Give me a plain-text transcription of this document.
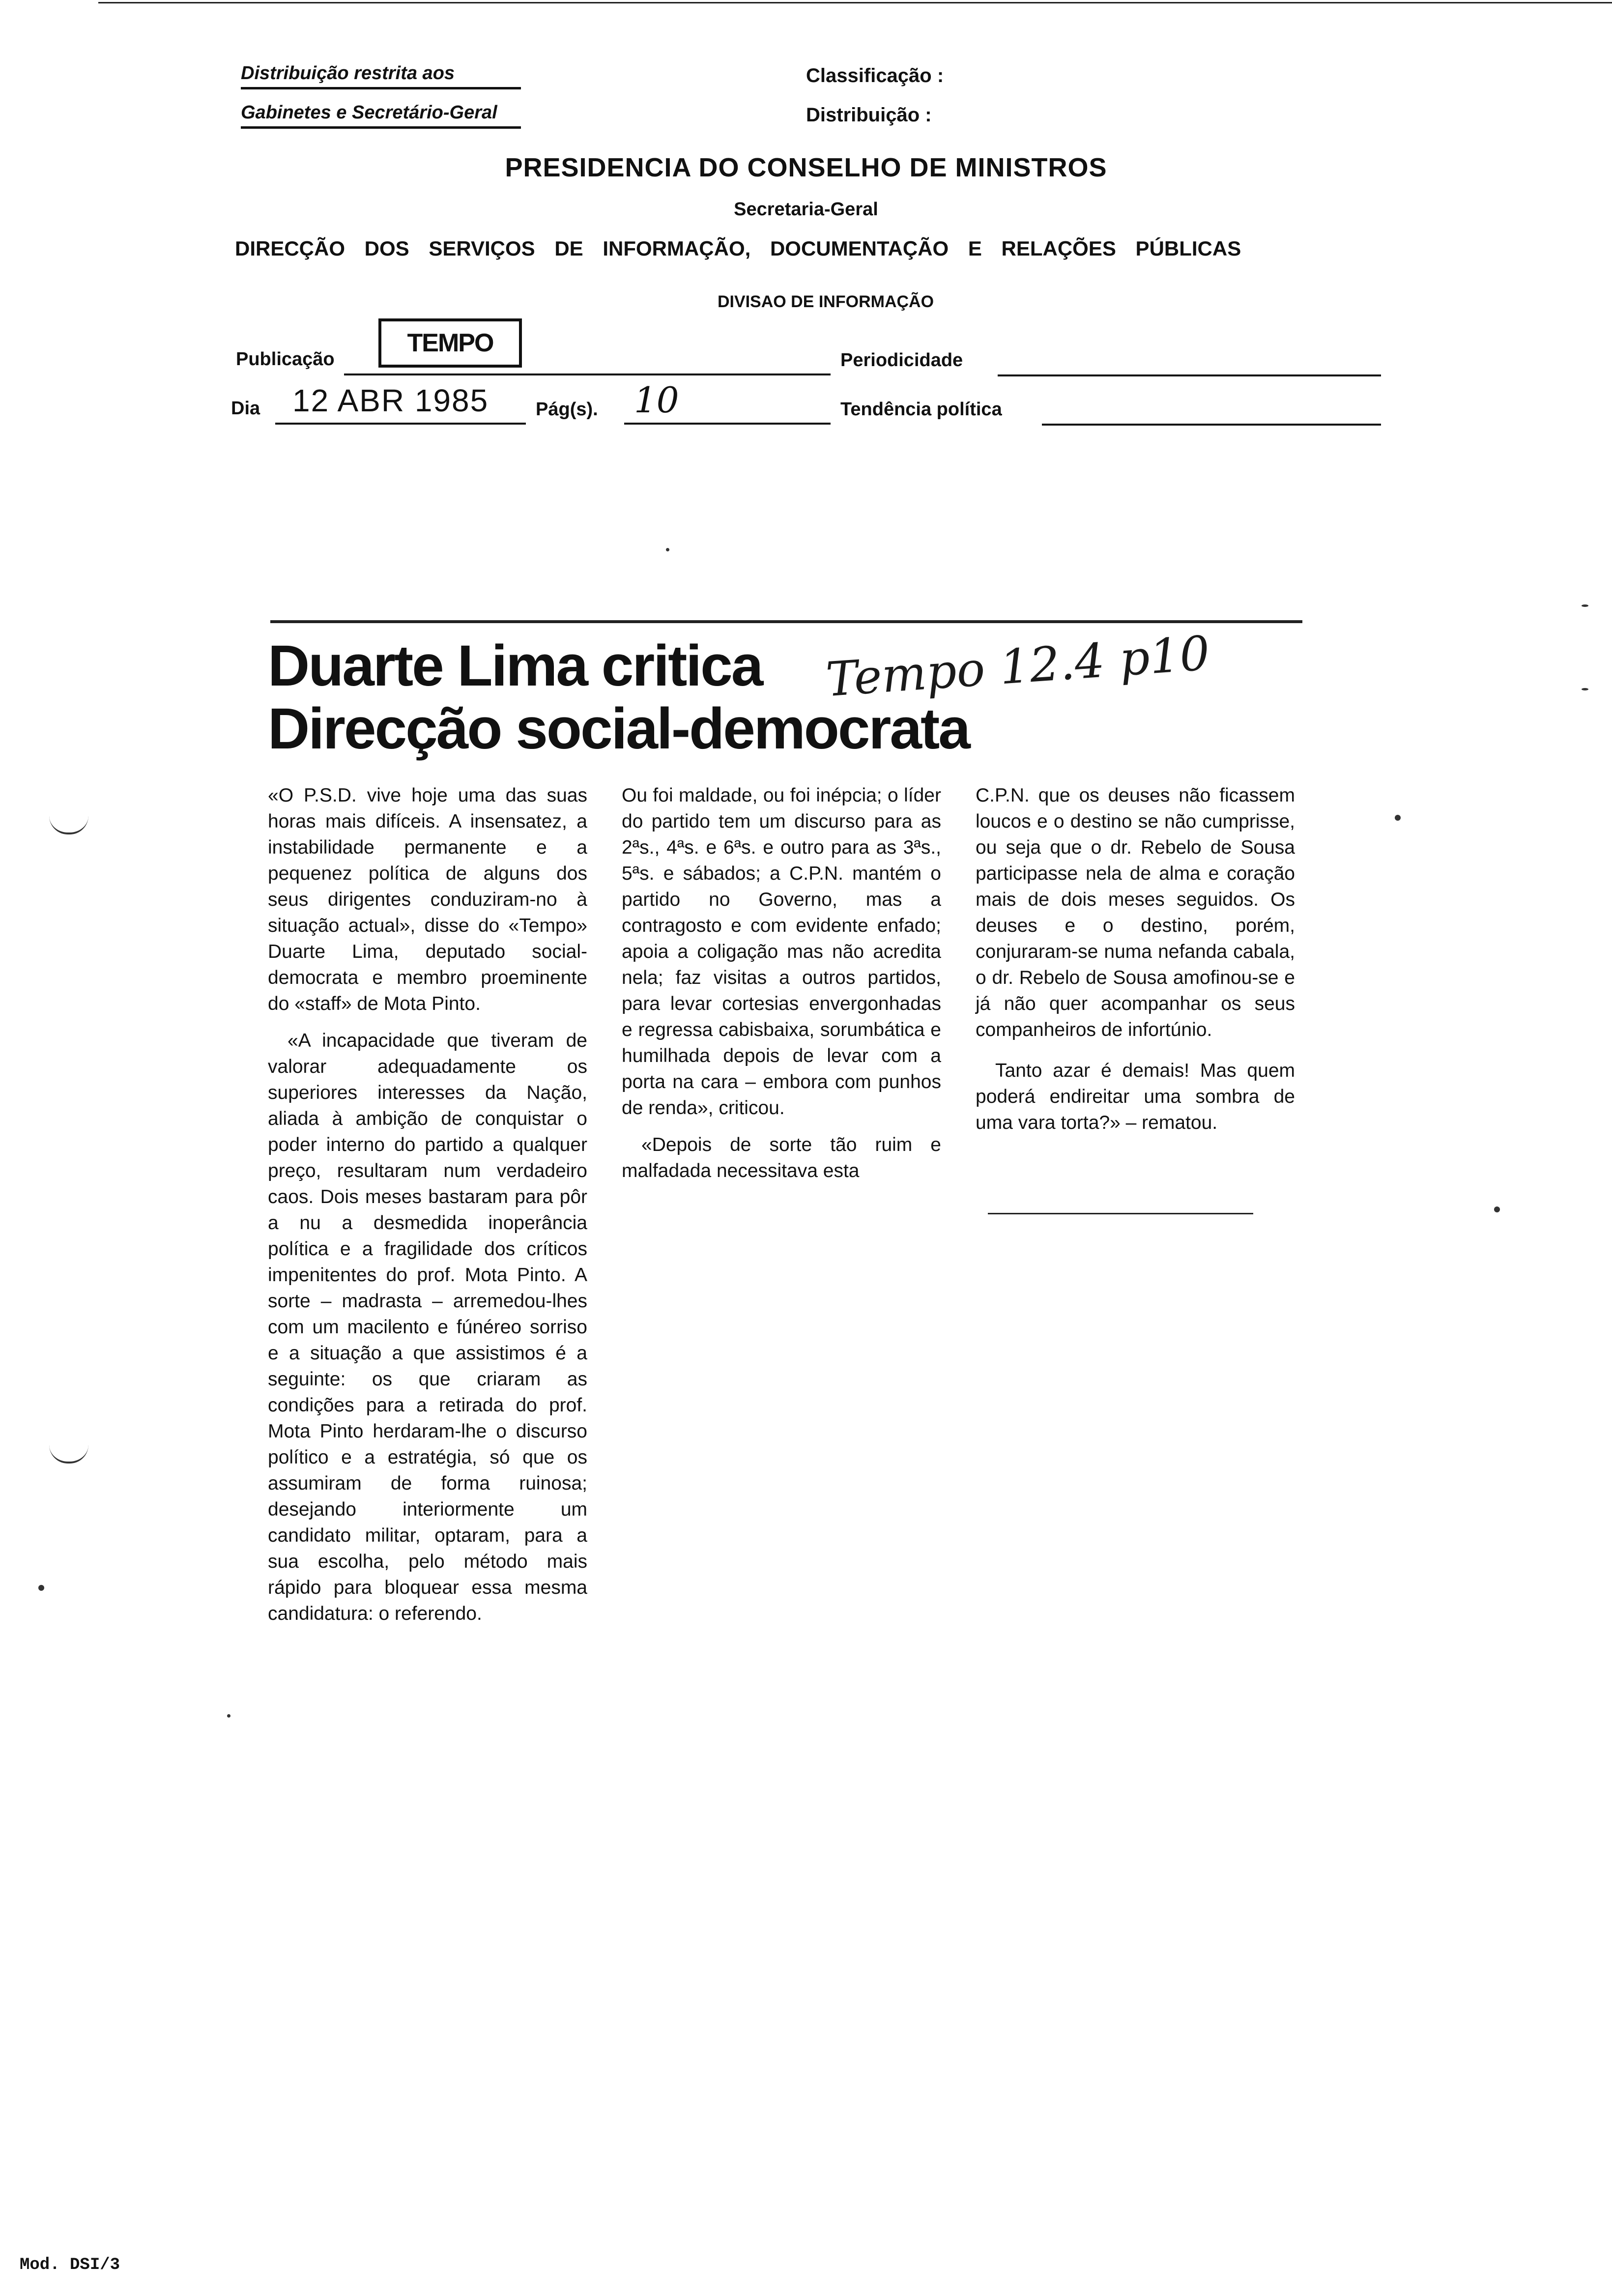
Distribuição restrita aos
Gabinetes e Secretário-Geral
Classificação :
Distribuição :
PRESIDENCIA DO CONSELHO DE MINISTROS
Secretaria-Geral
DIRECÇÃO DOS SERVIÇOS DE INFORMAÇÃO, DOCUMENTAÇÃO E RELAÇÕES PÚBLICAS
DIVISAO DE INFORMAÇÃO
Publicação
TEMPO
Periodicidade
Dia 12 ABR 1985	Pág(s). 10	Tendência política
Duarte Lima critica
Direcção social-democrata
Tempo 12.4 p10

«O P.S.D. vive hoje uma das suas horas mais difíceis. A insensatez, a instabilidade permanente e a pequenez política de alguns dos seus dirigentes conduziram-no à situação actual», disse do «Tempo» Duarte Lima, deputado social-democrata e membro proeminente do «staff» de Mota Pinto.

«A incapacidade que tiveram de valorar adequadamente os superiores interesses da Nação, aliada à ambição de conquistar o poder interno do partido a qualquer preço, resultaram num verdadeiro caos. Dois meses bastaram para pôr a nu a desmedida inoperância política e a fragilidade dos críticos impenitentes do prof. Mota Pinto. A sorte – madrasta – arremedou-lhes com um macilento e fúnéreo sorriso e a situação a que assistimos é a seguinte: os que criaram as condições para a retirada do prof. Mota Pinto herdaram-lhe o discurso político e a estratégia, só que os assumiram de forma ruinosa; desejando interiormente um candidato militar, optaram, para a sua escolha, pelo método mais rápido para bloquear essa mesma candidatura: o referendo.

Ou foi maldade, ou foi inépcia; o líder do partido tem um discurso para as 2ªs., 4ªs. e 6ªs. e outro para as 3ªs., 5ªs. e sábados; a C.P.N. mantém o partido no Governo, mas a contragosto e com evidente enfado; apoia a coligação mas não acredita nela; faz visitas a outros partidos, para levar cortesias envergonhadas e regressa cabisbaixa, sorumbática e humilhada depois de levar com a porta na cara – embora com punhos de renda», criticou.

«Depois de sorte tão ruim e malfadada necessitava esta

C.P.N. que os deuses não ficassem loucos e o destino se não cumprisse, ou seja que o dr. Rebelo de Sousa participasse nela de alma e coração mais de dois meses seguidos. Os deuses e o destino, porém, conjuraram-se numa nefanda cabala, o dr. Rebelo de Sousa amofinou-se e já não quer acompanhar os seus companheiros de infortúnio.

Tanto azar é demais! Mas quem poderá endireitar uma sombra de uma vara torta?» – rematou.

Mod. DSI/3
